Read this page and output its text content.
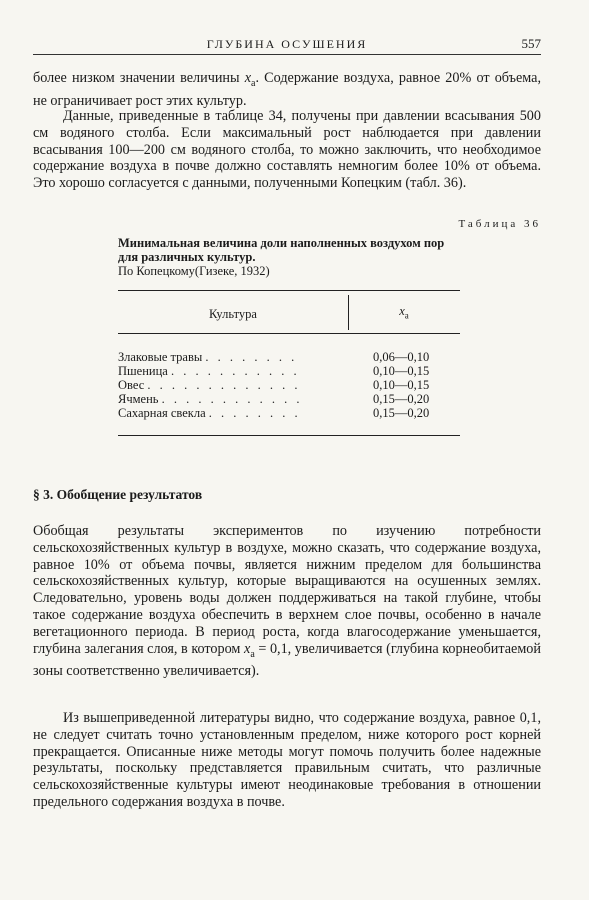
ГЛУБИНА ОСУШЕНИЯ	557

более низком значении величины $x_a$. Содержание воздуха, равное 20% от объема, не ограничивает рост этих культур.

Данные, приведенные в таблице 34, получены при давлении всасывания 500 см водяного столба. Если максимальный рост наблюдается при давлении всасывания 100—200 см водяного столба, то можно заключить, что необходимое содержание воздуха в почве должно составлять немногим более 10% от объема. Это хорошо согласуется с данными, полученными Копецким (табл. 36).

Таблица 36
Минимальная величина доли наполненных воздухом пор для различных культур.
По Копецкому(Гизеке, 1932)
Культура	$x_a$
Злаковые травы . . . . . . . .	0,06—0,10
Пшеница . . . . . . . . . . .	0,10—0,15
Овес . . . . . . . . . . . . .	0,10—0,15
Ячмень . . . . . . . . . . . .	0,15—0,20
Сахарная свекла . . . . . . . .	0,15—0,20
§ 3. Обобщение результатов

Обобщая результаты экспериментов по изучению потребности сельскохозяйственных культур в воздухе, можно сказать, что содержание воздуха, равное 10% от объема почвы, является нижним пределом для большинства сельскохозяйственных культур, которые выращиваются на осушенных землях. Следовательно, уровень воды должен поддерживаться на такой глубине, чтобы такое содержание воздуха обеспечить в верхнем слое почвы, особенно в начале вегетационного периода. В период роста, когда влагосодержание уменьшается, глубина залегания слоя, в котором $x_a = 0,1$, увеличивается (глубина корнеобитаемой зоны соответственно увеличивается).

Из вышеприведенной литературы видно, что содержание воздуха, равное 0,1, не следует считать точно установленным пределом, ниже которого рост корней прекращается. Описанные ниже методы могут помочь получить более надежные результаты, поскольку представляется правильным считать, что различные сельскохозяйственные культуры имеют неодинаковые требования в отношении предельного содержания воздуха в почве.
